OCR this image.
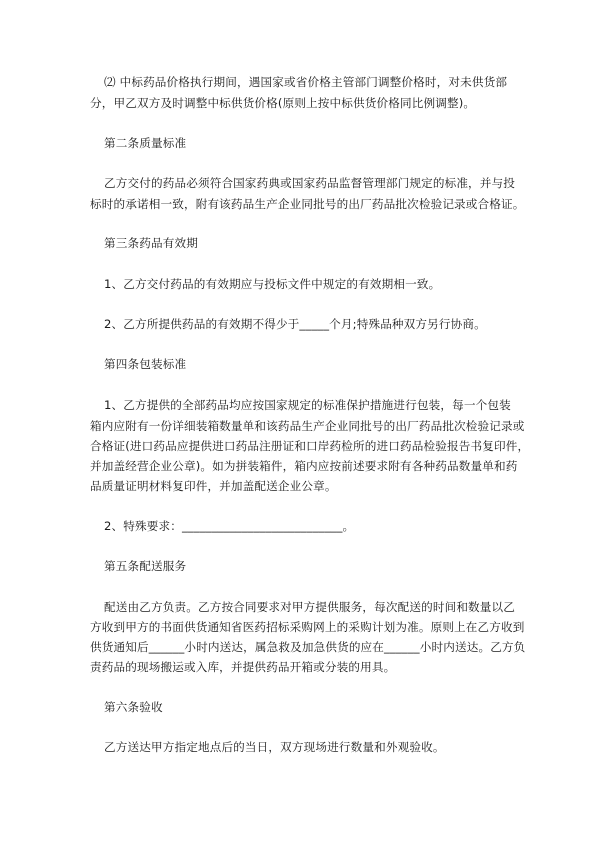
⑵ 中标药品价格执行期间，遇国家或省价格主管部门调整价格时，对未供货部
分，甲乙双方及时调整中标供货价格(原则上按中标供货价格同比例调整)。
第二条质量标准
乙方交付的药品必须符合国家药典或国家药品监督管理部门规定的标准，并与投
标时的承诺相一致，附有该药品生产企业同批号的出厂药品批次检验记录或合格证。
第三条药品有效期
1、乙方交付药品的有效期应与投标文件中规定的有效期相一致。
2、乙方所提供药品的有效期不得少于_____个月;特殊品种双方另行协商。
第四条包装标准
1、乙方提供的全部药品均应按国家规定的标准保护措施进行包装，每一个包装
箱内应附有一份详细装箱数量单和该药品生产企业同批号的出厂药品批次检验记录或
合格证(进口药品应提供进口药品注册证和口岸药检所的进口药品检验报告书复印件，
并加盖经营企业公章)。如为拼装箱件，箱内应按前述要求附有各种药品数量单和药
品质量证明材料复印件，并加盖配送企业公章。
2、特殊要求：___________________________。
第五条配送服务
配送由乙方负责。乙方按合同要求对甲方提供服务，每次配送的时间和数量以乙
方收到甲方的书面供货通知省医药招标采购网上的采购计划为准。原则上在乙方收到
供货通知后______小时内送达，属急救及加急供货的应在______小时内送达。乙方负
责药品的现场搬运或入库，并提供药品开箱或分装的用具。
第六条验收
乙方送达甲方指定地点后的当日，双方现场进行数量和外观验收。
